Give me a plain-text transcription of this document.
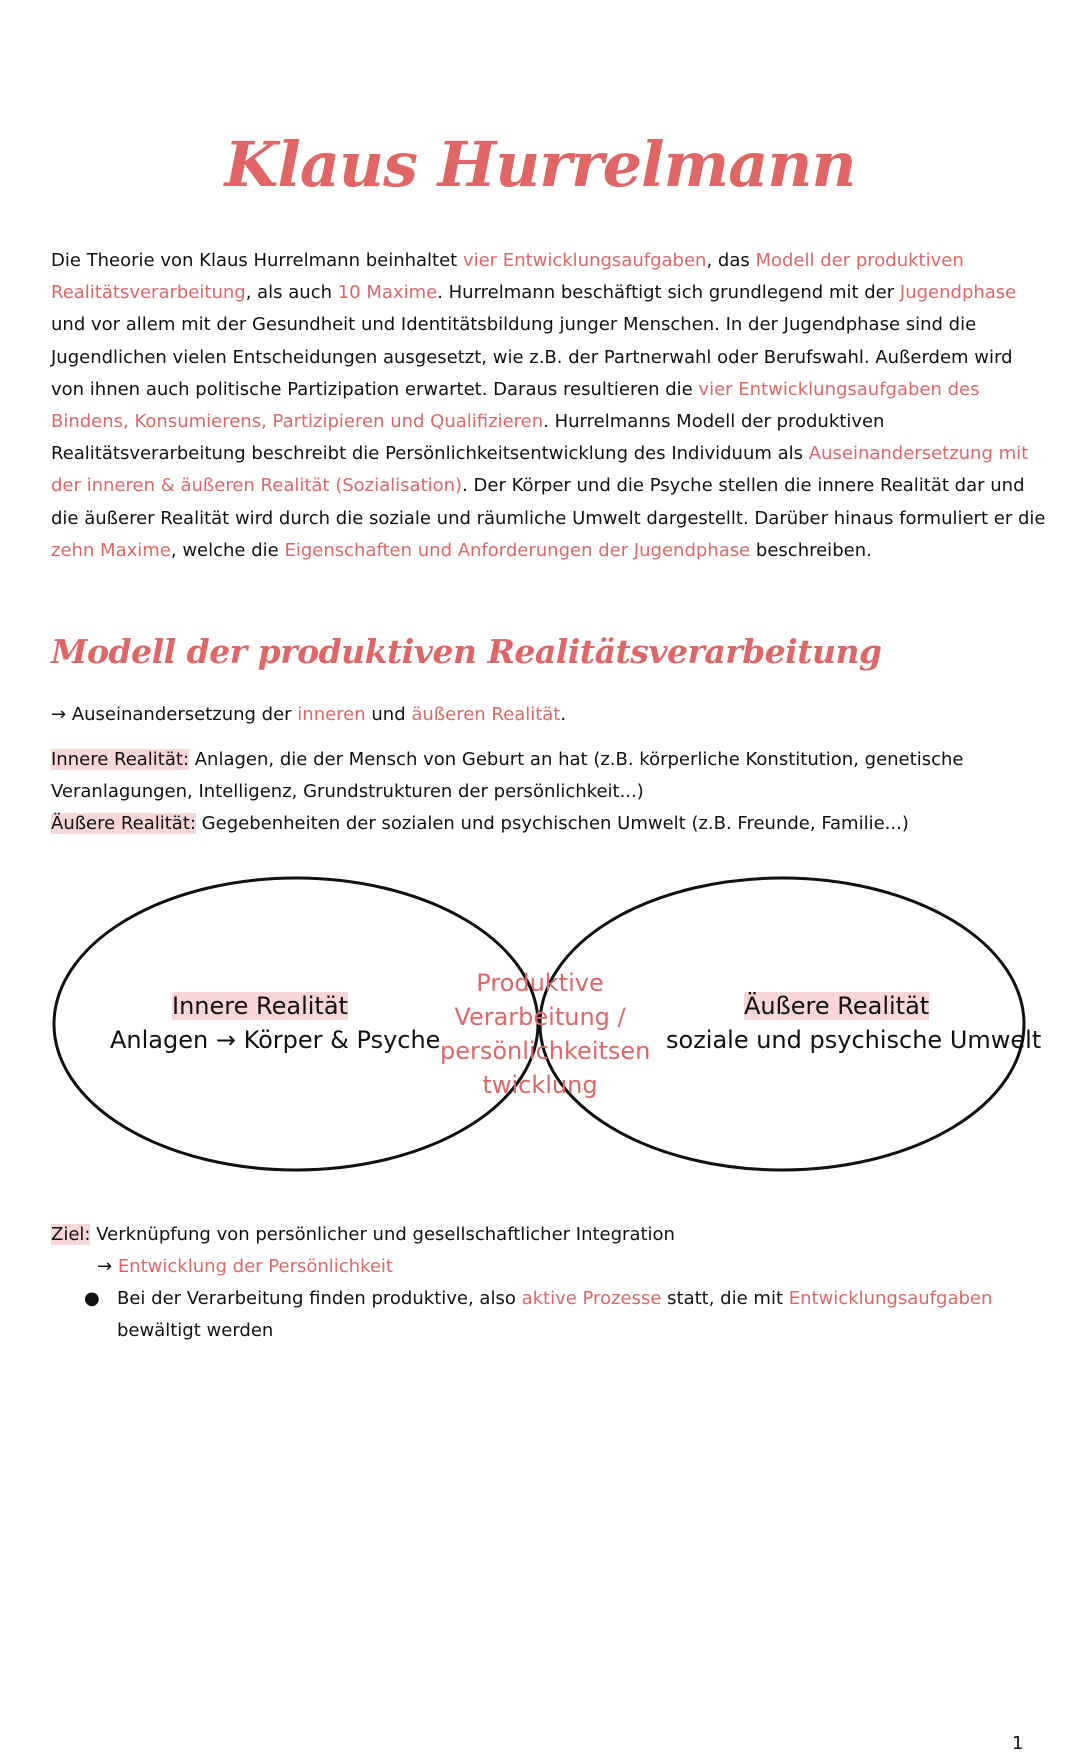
Klaus Hurrelmann

Die Theorie von Klaus Hurrelmann beinhaltet vier Entwicklungsaufgaben, das Modell der produktiven Realitätsverarbeitung, als auch 10 Maxime. Hurrelmann beschäftigt sich grundlegend mit der Jugendphase und vor allem mit der Gesundheit und Identitätsbildung junger Menschen. In der Jugendphase sind die Jugendlichen vielen Entscheidungen ausgesetzt, wie z.B. der Partnerwahl oder Berufswahl. Außerdem wird von ihnen auch politische Partizipation erwartet. Daraus resultieren die vier Entwicklungsaufgaben des Bindens, Konsumierens, Partizipieren und Qualifizieren. Hurrelmanns Modell der produktiven Realitätsverarbeitung beschreibt die Persönlichkeitsentwicklung des Individuum als Auseinandersetzung mit der inneren & äußeren Realität (Sozialisation). Der Körper und die Psyche stellen die innere Realität dar und die äußerer Realität wird durch die soziale und räumliche Umwelt dargestellt. Darüber hinaus formuliert er die zehn Maxime, welche die Eigenschaften und Anforderungen der Jugendphase beschreiben.

Modell der produktiven Realitätsverarbeitung

→ Auseinandersetzung der inneren und äußeren Realität.

Innere Realität: Anlagen, die der Mensch von Geburt an hat (z.B. körperliche Konstitution, genetische Veranlagungen, Intelligenz, Grundstrukturen der persönlichkeit...)
Äußere Realität: Gegebenheiten der sozialen und psychischen Umwelt (z.B. Freunde, Familie...)

Innere Realität
Anlagen → Körper & Psyche
Produktive
Verarbeitung /
persönlichkeitsen
twicklung
Äußere Realität
soziale und psychische Umwelt

Ziel: Verknüpfung von persönlicher und gesellschaftlicher Integration

→ Entwicklung der Persönlichkeit

● Bei der Verarbeitung finden produktive, also aktive Prozesse statt, die mit Entwicklungsaufgaben bewältigt werden
1
